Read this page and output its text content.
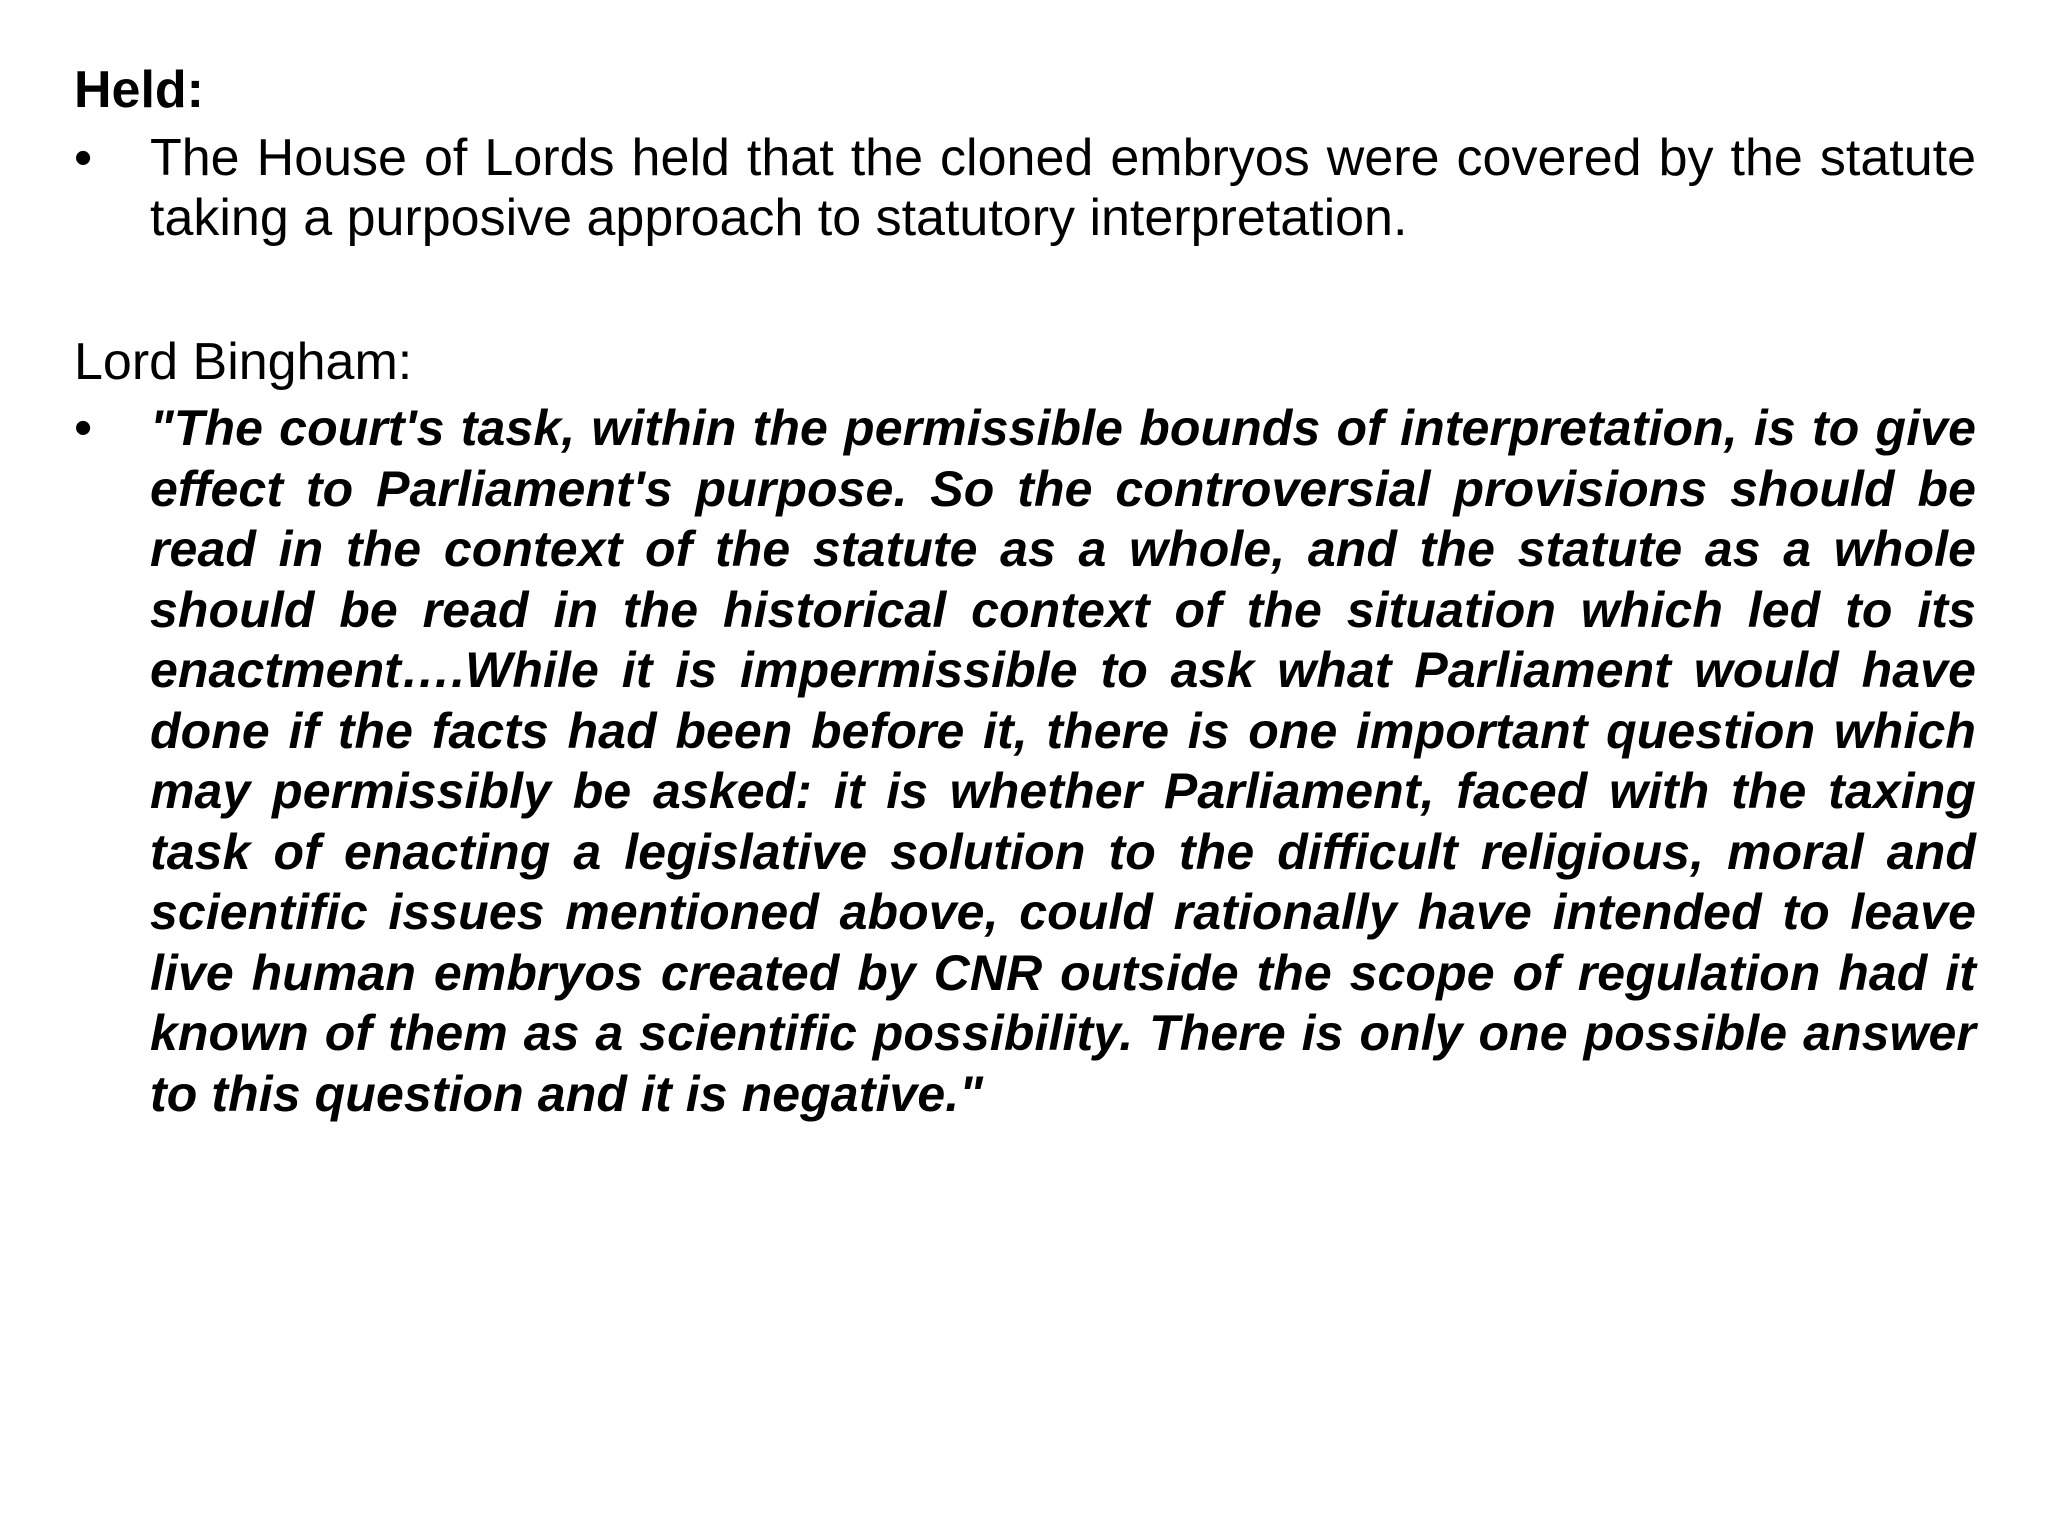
Held:

•	The House of Lords held that the cloned embryos were covered by the statute taking a purposive approach to statutory interpretation.

Lord Bingham:

•	"The court's task, within the permissible bounds of interpretation, is to give effect to Parliament's purpose. So the controversial provisions should be read in the context of the statute as a whole, and the statute as a whole should be read in the historical context of the situation which led to its enactment….While it is impermissible to ask what Parliament would have done if the facts had been before it, there is one important question which may permissibly be asked: it is whether Parliament, faced with the taxing task of enacting a legislative solution to the difficult religious, moral and scientific issues mentioned above, could rationally have intended to leave live human embryos created by CNR outside the scope of regulation had it known of them as a scientific possibility. There is only one possible answer to this question and it is negative."
